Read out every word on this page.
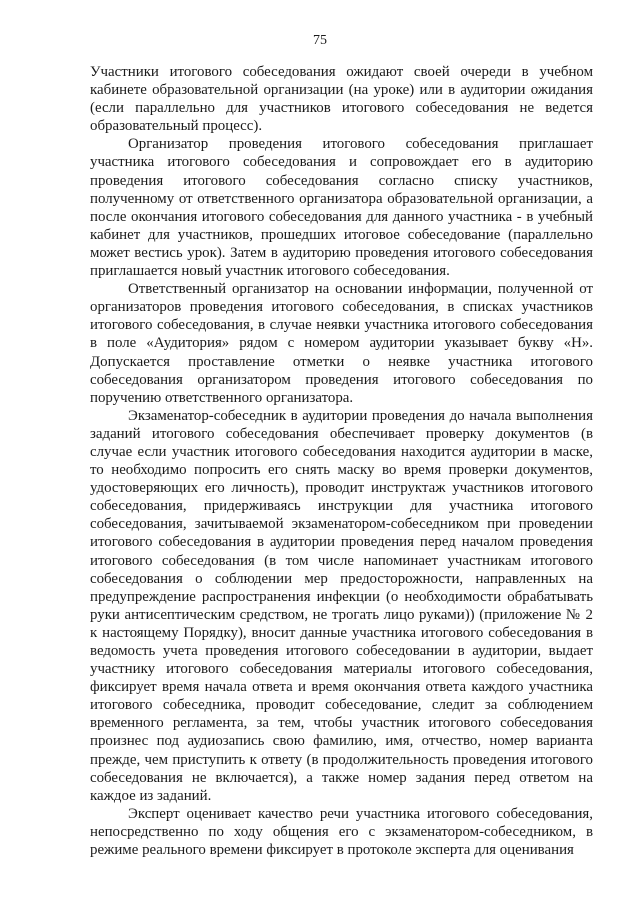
75

Участники итогового собеседования ожидают своей очереди в учебном кабинете образовательной организации (на уроке) или в аудитории ожидания (если параллельно для участников итогового собеседования не ведется образовательный процесс).

Организатор проведения итогового собеседования приглашает участника итогового собеседования и сопровождает его в аудиторию проведения итогового собеседования согласно списку участников, полученному от ответственного организатора образовательной организации, а после окончания итогового собеседования для данного участника - в учебный кабинет для участников, прошедших итоговое собеседование (параллельно может вестись урок). Затем в аудиторию проведения итогового собеседования приглашается новый участник итогового собеседования.

Ответственный организатор на основании информации, полученной от организаторов проведения итогового собеседования, в списках участников итогового собеседования, в случае неявки участника итогового собеседования в поле «Аудитория» рядом с номером аудитории указывает букву «Н». Допускается проставление отметки о неявке участника итогового собеседования организатором проведения итогового собеседования по поручению ответственного организатора.

Экзаменатор-собеседник в аудитории проведения до начала выполнения заданий итогового собеседования обеспечивает проверку документов (в случае если участник итогового собеседования находится аудитории в маске, то необходимо попросить его снять маску во время проверки документов, удостоверяющих его личность), проводит инструктаж участников итогового собеседования, придерживаясь инструкции для участника итогового собеседования, зачитываемой экзаменатором-собеседником при проведении итогового собеседования в аудитории проведения перед началом проведения итогового собеседования (в том числе напоминает участникам итогового собеседования о соблюдении мер предосторожности, направленных на предупреждение распространения инфекции (о необходимости обрабатывать руки антисептическим средством, не трогать лицо руками)) (приложение № 2 к настоящему Порядку), вносит данные участника итогового собеседования в ведомость учета проведения итогового собеседовании в аудитории, выдает участнику итогового собеседования материалы итогового собеседования, фиксирует время начала ответа и время окончания ответа каждого участника итогового собеседника, проводит собеседование, следит за соблюдением временного регламента, за тем, чтобы участник итогового собеседования произнес под аудиозапись свою фамилию, имя, отчество, номер варианта прежде, чем приступить к ответу (в продолжительность проведения итогового собеседования не включается), а также номер задания перед ответом на каждое из заданий.

Эксперт оценивает качество речи участника итогового собеседования, непосредственно по ходу общения его с экзаменатором-собеседником, в режиме реального времени фиксирует в протоколе эксперта для оценивания
